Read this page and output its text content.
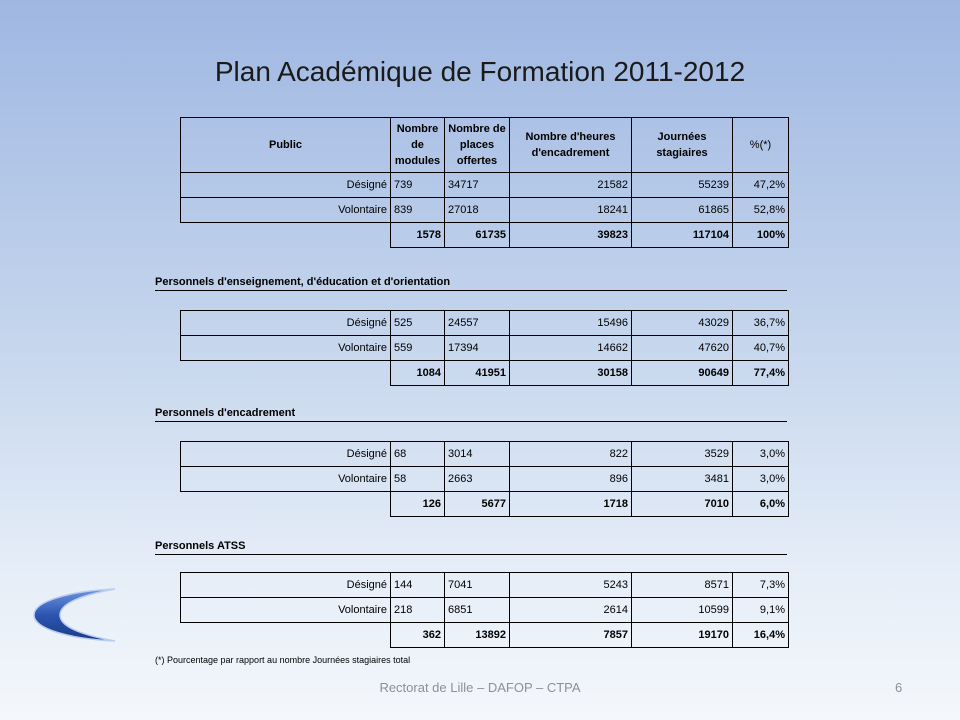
Plan Académique de Formation 2011-2012
Public	Nombre de modules	Nombre de places offertes	Nombre d'heures d'encadrement	Journées stagiaires	%(*)
Désigné	739	34717	21582	55239	47,2%
Volontaire	839	27018	18241	61865	52,8%
	1578	61735	39823	117104	100%
Personnels d'enseignement, d'éducation et d'orientation
Désigné	525	24557	15496	43029	36,7%
Volontaire	559	17394	14662	47620	40,7%
	1084	41951	30158	90649	77,4%
Personnels d'encadrement
Désigné	68	3014	822	3529	3,0%
Volontaire	58	2663	896	3481	3,0%
	126	5677	1718	7010	6,0%
Personnels ATSS
Désigné	144	7041	5243	8571	7,3%
Volontaire	218	6851	2614	10599	9,1%
	362	13892	7857	19170	16,4%
(*) Pourcentage par rapport au nombre Journées stagiaires total
Rectorat de Lille – DAFOP – CTPA	6
